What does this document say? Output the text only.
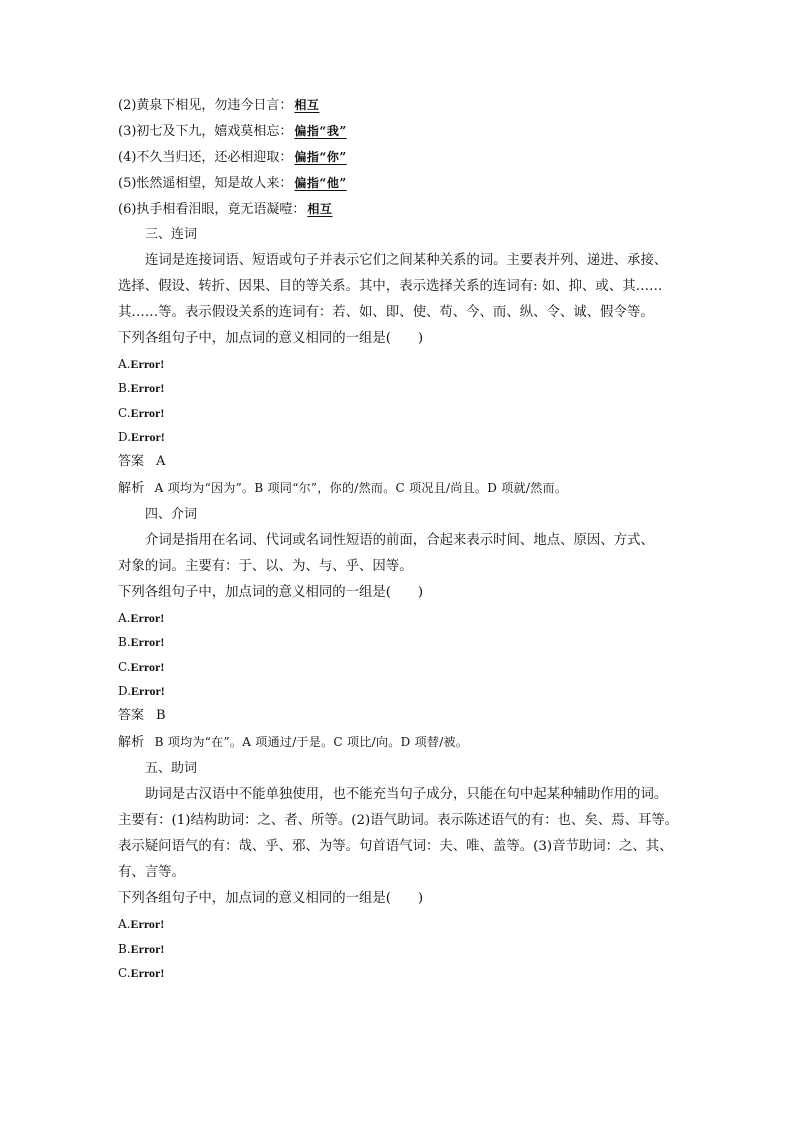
(2)黄泉下相见，勿违今日言： 相互
(3)初七及下九，嬉戏莫相忘： 偏指“我”
(4)不久当归还，还必相迎取： 偏指“你”
(5)怅然遥相望，知是故人来： 偏指“他”
(6)执手相看泪眼，竟无语凝噎： 相互
三、连词
连词是连接词语、短语或句子并表示它们之间某种关系的词。主要表并列、递进、承接、
选择、假设、转折、因果、目的等关系。其中，表示选择关系的连词有: 如、抑、或、其……
其……等。表示假设关系的连词有：若、如、即、使、苟、今、而、纵、令、诚、假令等。
下列各组句子中，加点词的意义相同的一组是(　　)
A.Error!
B.Error!
C.Error!
D.Error!
答案 A
解析 A 项均为“因为”。B 项同“尔”，你的/然而。C 项况且/尚且。D 项就/然而。
四、介词
介词是指用在名词、代词或名词性短语的前面，合起来表示时间、地点、原因、方式、
对象的词。主要有：于、以、为、与、乎、因等。
下列各组句子中，加点词的意义相同的一组是(　　)
A.Error!
B.Error!
C.Error!
D.Error!
答案 B
解析 B 项均为“在”。A 项通过/于是。C 项比/向。D 项替/被。
五、助词
助词是古汉语中不能单独使用，也不能充当句子成分，只能在句中起某种辅助作用的词。
主要有：(1)结构助词：之、者、所等。(2)语气助词。表示陈述语气的有：也、矣、焉、耳等。
表示疑问语气的有：哉、乎、邪、为等。句首语气词：夫、唯、盖等。(3)音节助词：之、其、
有、言等。
下列各组句子中，加点词的意义相同的一组是(　　)
A.Error!
B.Error!
C.Error!
